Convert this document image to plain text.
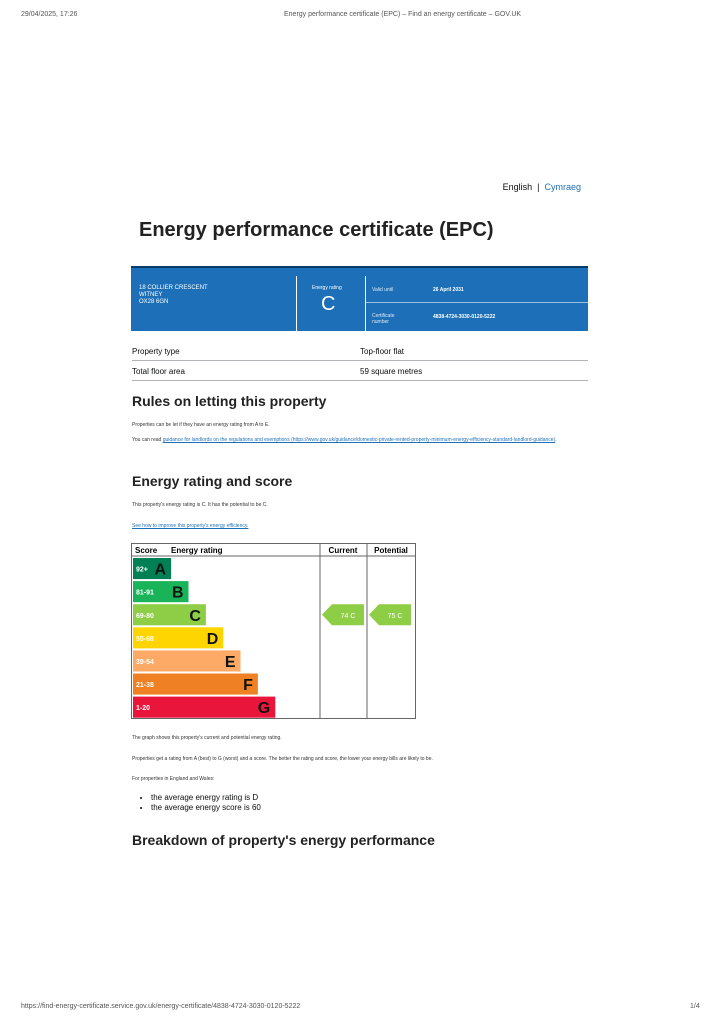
29/04/2025, 17:26	Energy performance certificate (EPC) – Find an energy certificate – GOV.UK
English | Cymraeg
Energy performance certificate (EPC)
18 COLLIER CRESCENT
WITNEY
OX28 6GN
Energy rating
C
Valid until	26 April 2031
Certificate
number
4838-4724-3030-0120-5222
Property type	Top-floor flat
Total floor area	59 square metres
Rules on letting this property
Properties can be let if they have an energy rating from A to E.
You can read guidance for landlords on the regulations and exemptions (https://www.gov.uk/guidance/domestic-private-rented-property-minimum-energy-efficiency-standard-landlord-guidance).
Energy rating and score
This property's energy rating is C. It has the potential to be C.
See how to improve this property's energy efficiency.
Score Energy rating	Current Potential
92+ A
81-91 B
69-80 C
55-68	D
39-54	E
21-38	F
1-20	G
74 C	75 C
The graph shows this property's current and potential energy rating.
Properties get a rating from A (best) to G (worst) and a score. The better the rating and score, the lower your energy bills are likely to be.
For properties in England and Wales:
• the average energy rating is D
• the average energy score is 60
Breakdown of property's energy performance
https://find-energy-certificate.service.gov.uk/energy-certificate/4838-4724-3030-0120-5222	1/4
